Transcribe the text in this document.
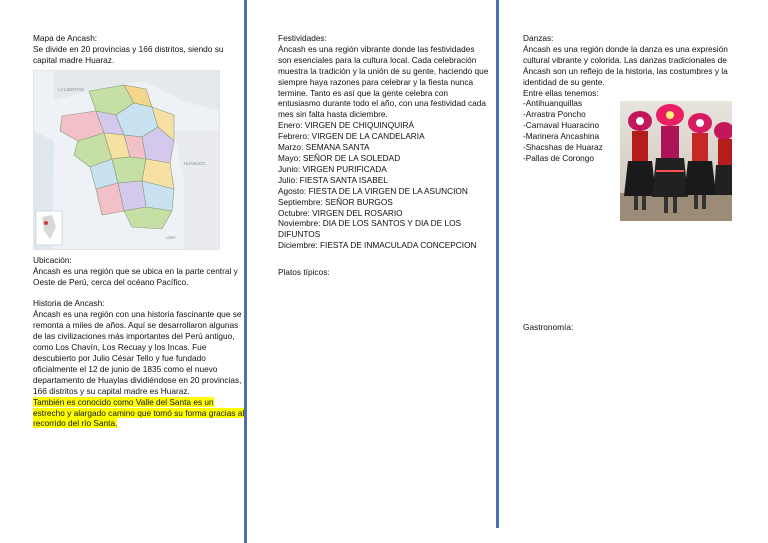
Mapa de Ancash:

Se divide en 20 provincias y 166 distritos, siendo su capital madre Huaraz.

LA LIBERTAD
HUÁNUCO
LIMA

Ubicación:

Áncash es una región que se ubica en la parte central y Oeste de Perú, cerca del océano Pacífico.

Historia de Ancash:

Áncash es una región con una historia fascinante que se remonta a miles de años. Aquí se desarrollaron algunas de las civilizaciones más importantes del Perú antiguo, como Los Chavín, Los Recuay y los Incas. Fue descubierto por Julio César Tello y fue fundado oficialmente el 12 de junio de 1835 como el nuevo departamento de Huaylas dividiéndose en 20 provincias, 166 distritos y su capital madre es Huaraz.

También es conocido como Valle del Santa es un estrecho y alargado camino que tomó su forma gracias al recorrido del río Santa.

Festividades:

Áncash es una región vibrante donde las festividades son esenciales para la cultura local. Cada celebración muestra la tradición y la unión de su gente, haciendo que siempre haya razones para celebrar y la fiesta nunca termine. Tanto es así que la gente celebra con entusiasmo durante todo el año, con una festividad cada mes sin falta hasta diciembre.

Enero: VIRGEN DE CHIQUINQUIRÁ

Febrero: VIRGEN DE LA CANDELARIA

Marzo: SEMANA SANTA

Mayo: SEÑOR DE LA SOLEDAD

Junio: VIRGEN PURIFICADA

Julio: FIESTA SANTA ISABEL

Agosto: FIESTA DE LA VIRGEN DE LA ASUNCION

Septiembre: SEÑOR BURGOS

Octubre: VIRGEN DEL ROSARIO

Noviembre: DIA DE LOS SANTOS Y DIA DE LOS DIFUNTOS

Diciembre: FIESTA DE INMACULADA CONCEPCION

Platos típicos:

Danzas:

Áncash es una región donde la danza es una expresión cultural vibrante y colorida. Las danzas tradicionales de Áncash son un reflejo de la historia, las costumbres y la identidad de su gente.

Entre ellas tenemos:

-Antihuanquillas

-Arrastra Poncho

-Carnaval Huaracino

-Marinera Ancashina

-Shacshas de Huaraz

-Pallas de Corongo

Gastronomía:
